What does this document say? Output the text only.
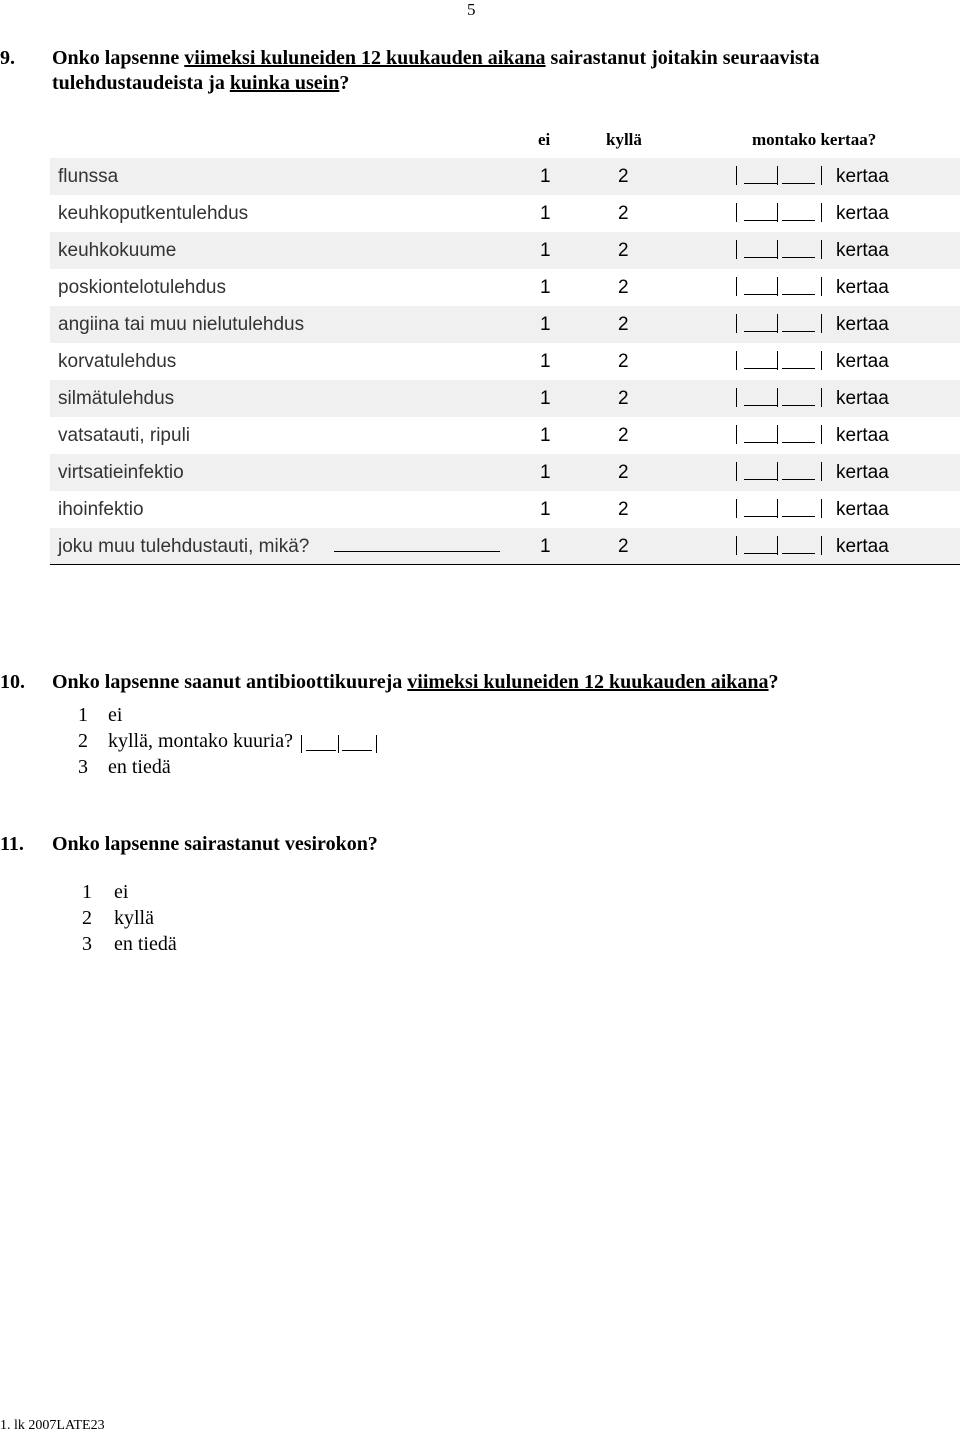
5
9. Onko lapsenne viimeksi kuluneiden 12 kuukauden aikana sairastanut joitakin seuraavista
tulehdustaudeista ja kuinka usein?
ei	kyllä	montako kertaa?
flunssa	1	2	kertaa
keuhkoputkentulehdus	1	2	kertaa
keuhkokuume	1	2	kertaa
poskiontelotulehdus	1	2	kertaa
angiina tai muu nielutulehdus	1	2	kertaa
korvatulehdus	1	2	kertaa
silmätulehdus	1	2	kertaa
vatsatauti, ripuli	1	2	kertaa
virtsatieinfektio	1	2	kertaa
ihoinfektio	1	2	kertaa
joku muu tulehdustauti, mikä?	1	2	kertaa
10. Onko lapsenne saanut antibioottikuureja viimeksi kuluneiden 12 kuukauden aikana?
1 ei
2 kyllä, montako kuuria?
3 en tiedä
11. Onko lapsenne sairastanut vesirokon?
1 ei
2 kyllä
3 en tiedä
1. lk 2007LATE23
